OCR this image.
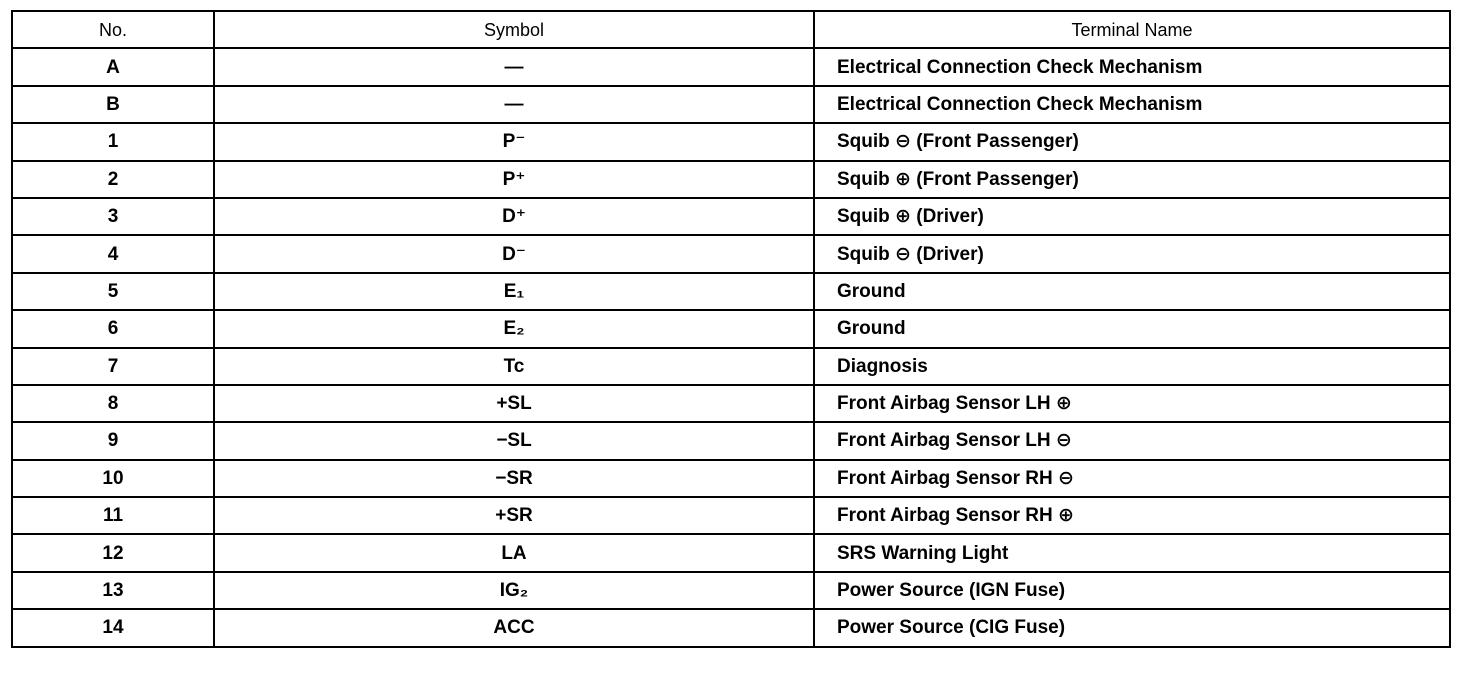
No.	Symbol	Terminal Name
A	—	Electrical Connection Check Mechanism
B	—	Electrical Connection Check Mechanism
1	P⁻	Squib ⊖ (Front Passenger)
2	P⁺	Squib ⊕ (Front Passenger)
3	D⁺	Squib ⊕ (Driver)
4	D⁻	Squib ⊖ (Driver)
5	E₁	Ground
6	E₂	Ground
7	Tc	Diagnosis
8	+SL	Front Airbag Sensor LH ⊕
9	−SL	Front Airbag Sensor LH ⊖
10	−SR	Front Airbag Sensor RH ⊖
11	+SR	Front Airbag Sensor RH ⊕
12	LA	SRS Warning Light
13	IG₂	Power Source (IGN Fuse)
14	ACC	Power Source (CIG Fuse)
